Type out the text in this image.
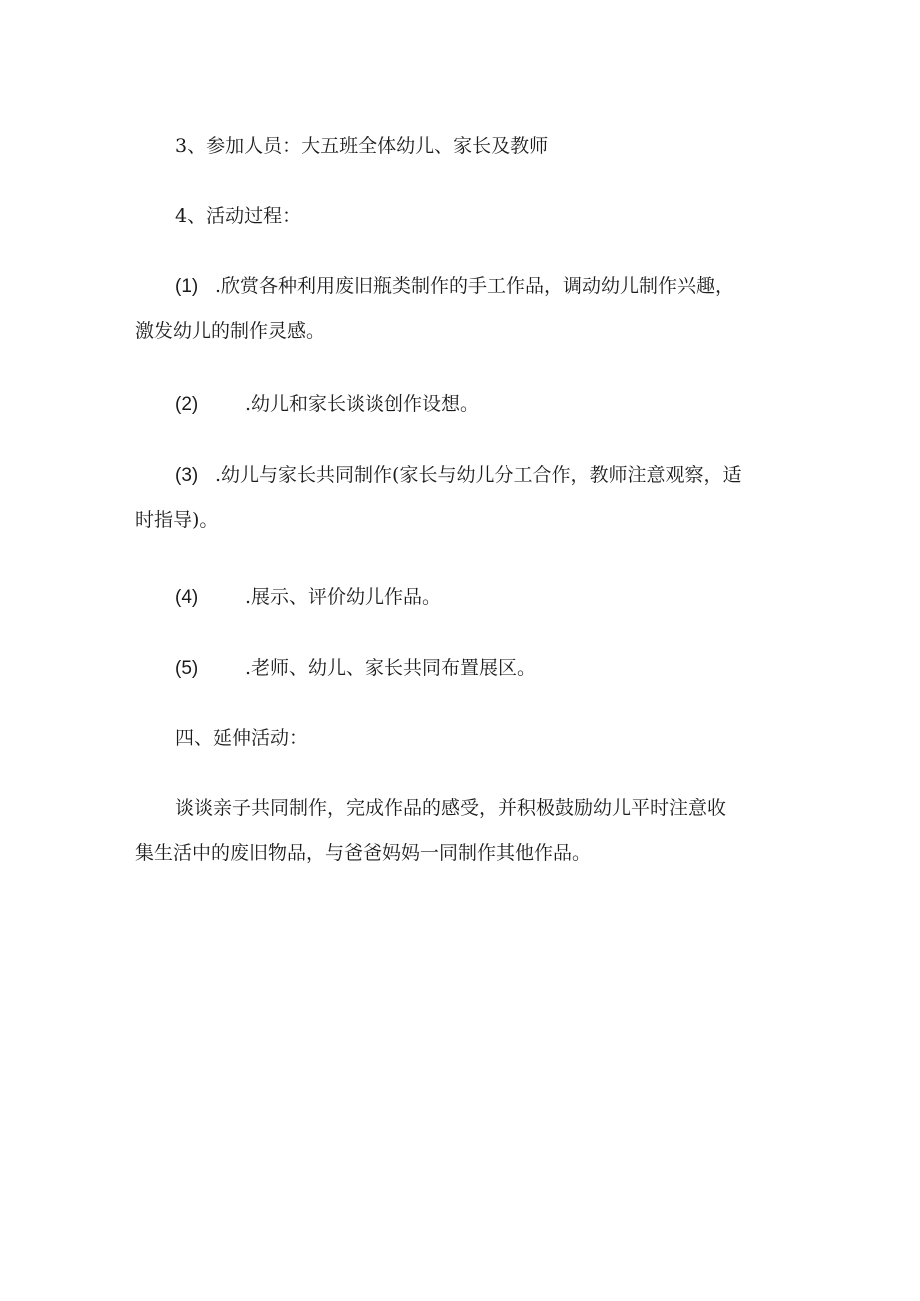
3、参加人员：大五班全体幼儿、家长及教师

4、活动过程：

(1) .欣赏各种利用废旧瓶类制作的手工作品，调动幼儿制作兴趣，
激发幼儿的制作灵感。

(2) .幼儿和家长谈谈创作设想。

(3) .幼儿与家长共同制作(家长与幼儿分工合作，教师注意观察，适
时指导)。

(4) .展示、评价幼儿作品。

(5) .老师、幼儿、家长共同布置展区。

四、延伸活动：

谈谈亲子共同制作，完成作品的感受，并积极鼓励幼儿平时注意收
集生活中的废旧物品，与爸爸妈妈一同制作其他作品。
